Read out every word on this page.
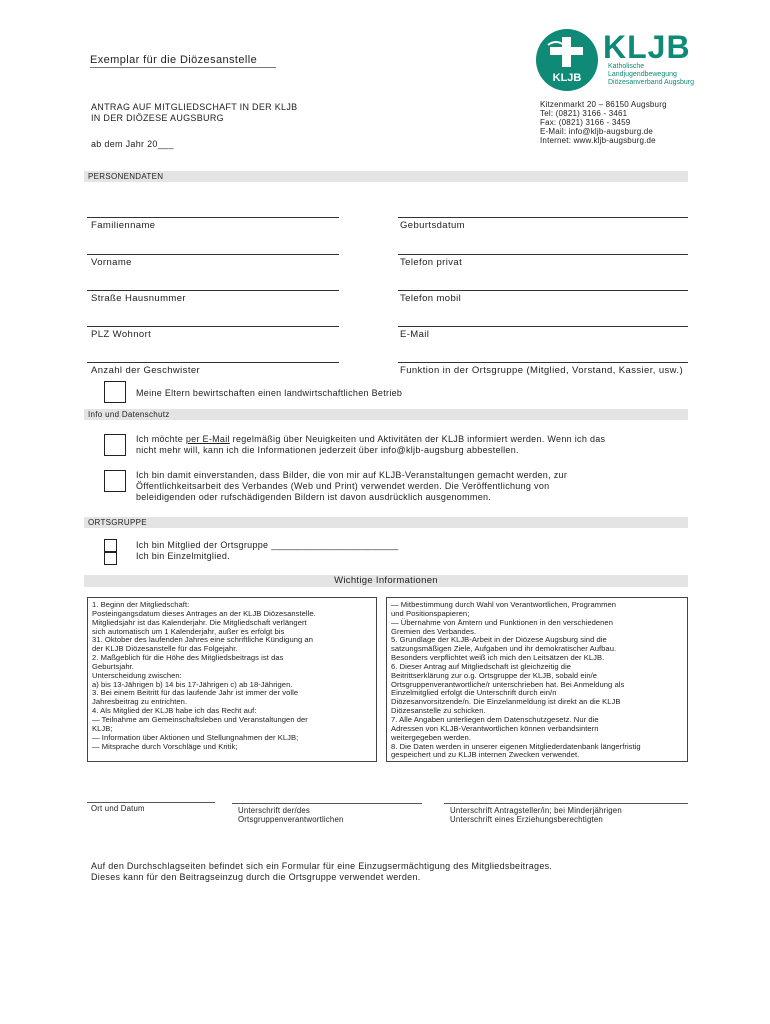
Exemplar für die Diözesanstelle
KLJB
KLJB
Katholische
Landjugendbewegung
Diözesanverband Augsburg
ANTRAG AUF MITGLIEDSCHAFT IN DER KLJB
IN DER DIÖZESE AUGSBURG
ab dem Jahr 20___
Kitzenmarkt 20 – 86150 Augsburg
Tel: (0821) 3166 - 3461
Fax: (0821) 3166 - 3459
E-Mail: info@kljb-augsburg.de
Internet: www.kljb-augsburg.de
PERSONENDATEN
Familienname	Geburtsdatum
Vorname	Telefon privat
Straße Hausnummer	Telefon mobil
PLZ Wohnort	E-Mail
Anzahl der Geschwister	Funktion in der Ortsgruppe (Mitglied, Vorstand, Kassier, usw.)
Meine Eltern bewirtschaften einen landwirtschaftlichen Betrieb
Info und Datenschutz
Ich möchte per E-Mail regelmäßig über Neuigkeiten und Aktivitäten der KLJB informiert werden. Wenn ich das
nicht mehr will, kann ich die Informationen jederzeit über info@kljb-augsburg abbestellen.
Ich bin damit einverstanden, dass Bilder, die von mir auf KLJB-Veranstaltungen gemacht werden, zur
Öffentlichkeitsarbeit des Verbandes (Web und Print) verwendet werden. Die Veröffentlichung von
beleidigenden oder rufschädigenden Bildern ist davon ausdrücklich ausgenommen.
ORTSGRUPPE
Ich bin Mitglied der Ortsgruppe ________________________
Ich bin Einzelmitglied.
Wichtige Informationen
1. Beginn der Mitgliedschaft:
Posteingangsdatum dieses Antrages an der KLJB Diözesanstelle.
Mitgliedsjahr ist das Kalenderjahr. Die Mitgliedschaft verlängert
sich automatisch um 1 Kalenderjahr, außer es erfolgt bis
31. Oktober des laufenden Jahres eine schriftliche Kündigung an
der KLJB Diözesanstelle für das Folgejahr.
2. Maßgeblich für die Höhe des Mitgliedsbeitrags ist das
Geburtsjahr.
Unterscheidung zwischen:
a) bis 13-Jährigen b) 14 bis 17-Jährigen c) ab 18-Jährigen.
3. Bei einem Beitritt für das laufende Jahr ist immer der volle
Jahresbeitrag zu entrichten.
4. Als Mitglied der KLJB habe ich das Recht auf:
— Teilnahme am Gemeinschaftsleben und Veranstaltungen der
KLJB;
— Information über Aktionen und Stellungnahmen der KLJB;
— Mitsprache durch Vorschläge und Kritik;
— Mitbestimmung durch Wahl von Verantwortlichen, Programmen
und Positionspapieren;
— Übernahme von Ämtern und Funktionen in den verschiedenen
Gremien des Verbandes.
5. Grundlage der KLJB-Arbeit in der Diözese Augsburg sind die
satzungsmäßigen Ziele, Aufgaben und ihr demokratischer Aufbau.
Besonders verpflichtet weiß ich mich den Leitsätzen der KLJB.
6. Dieser Antrag auf Mitgliedschaft ist gleichzeitig die
Beitrittserklärung zur o.g. Ortsgruppe der KLJB, sobald ein/e
Ortsgruppenverantwortliche/r unterschrieben hat. Bei Anmeldung als
Einzelmitglied erfolgt die Unterschrift durch ein/n
Diözesanvorsitzende/n. Die Einzelanmeldung ist direkt an die KLJB
Diözesanstelle zu schicken.
7. Alle Angaben unterliegen dem Datenschutzgesetz. Nur die
Adressen von KLJB-Verantwortlichen können verbandsintern
weitergegeben werden.
8. Die Daten werden in unserer eigenen Mitgliederdatenbank längerfristig
gespeichert und zu KLJB internen Zwecken verwendet.
Ort und Datum	Unterschrift der/des
Ortsgruppenverantwortlichen
Unterschrift Antragsteller/in; bei Minderjährigen
Unterschrift eines Erziehungsberechtigten
Auf den Durchschlagseiten befindet sich ein Formular für eine Einzugsermächtigung des Mitgliedsbeitrages.
Dieses kann für den Beitragseinzug durch die Ortsgruppe verwendet werden.
